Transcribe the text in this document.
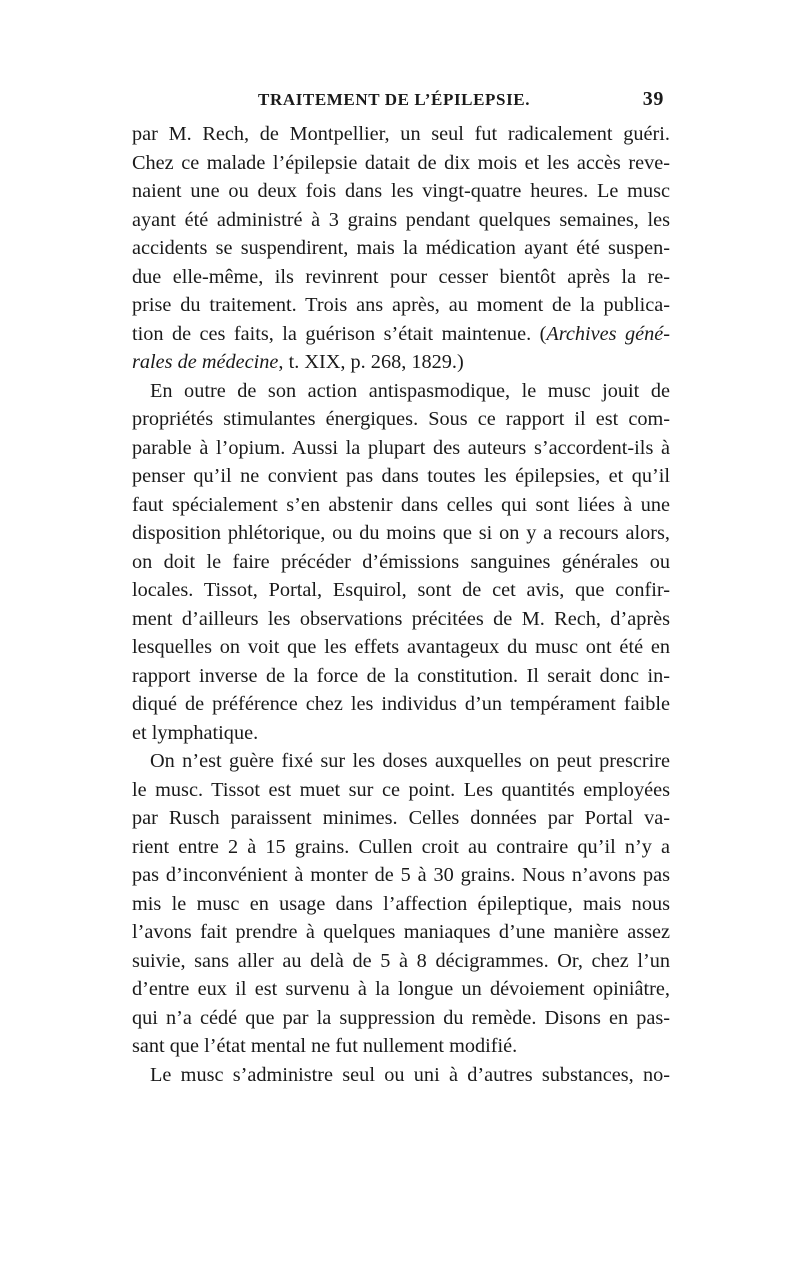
TRAITEMENT DE L’ÉPILEPSIE.	39
par M. Rech, de Montpellier, un seul fut radicalement guéri.
Chez ce malade l’épilepsie datait de dix mois et les accès reve-
naient une ou deux fois dans les vingt-quatre heures. Le musc
ayant été administré à 3 grains pendant quelques semaines, les
accidents se suspendirent, mais la médication ayant été suspen-
due elle-même, ils revinrent pour cesser bientôt après la re-
prise du traitement. Trois ans après, au moment de la publica-
tion de ces faits, la guérison s’était maintenue. (Archives géné-
rales de médecine, t. XIX, p. 268, 1829.)
En outre de son action antispasmodique, le musc jouit de
propriétés stimulantes énergiques. Sous ce rapport il est com-
parable à l’opium. Aussi la plupart des auteurs s’accordent-ils à
penser qu’il ne convient pas dans toutes les épilepsies, et qu’il
faut spécialement s’en abstenir dans celles qui sont liées à une
disposition phlétorique, ou du moins que si on y a recours alors,
on doit le faire précéder d’émissions sanguines générales ou
locales. Tissot, Portal, Esquirol, sont de cet avis, que confir-
ment d’ailleurs les observations précitées de M. Rech, d’après
lesquelles on voit que les effets avantageux du musc ont été en
rapport inverse de la force de la constitution. Il serait donc in-
diqué de préférence chez les individus d’un tempérament faible
et lymphatique.
On n’est guère fixé sur les doses auxquelles on peut prescrire
le musc. Tissot est muet sur ce point. Les quantités employées
par Rusch paraissent minimes. Celles données par Portal va-
rient entre 2 à 15 grains. Cullen croit au contraire qu’il n’y a
pas d’inconvénient à monter de 5 à 30 grains. Nous n’avons pas
mis le musc en usage dans l’affection épileptique, mais nous
l’avons fait prendre à quelques maniaques d’une manière assez
suivie, sans aller au delà de 5 à 8 décigrammes. Or, chez l’un
d’entre eux il est survenu à la longue un dévoiement opiniâtre,
qui n’a cédé que par la suppression du remède. Disons en pas-
sant que l’état mental ne fut nullement modifié.
Le musc s’administre seul ou uni à d’autres substances, no-
